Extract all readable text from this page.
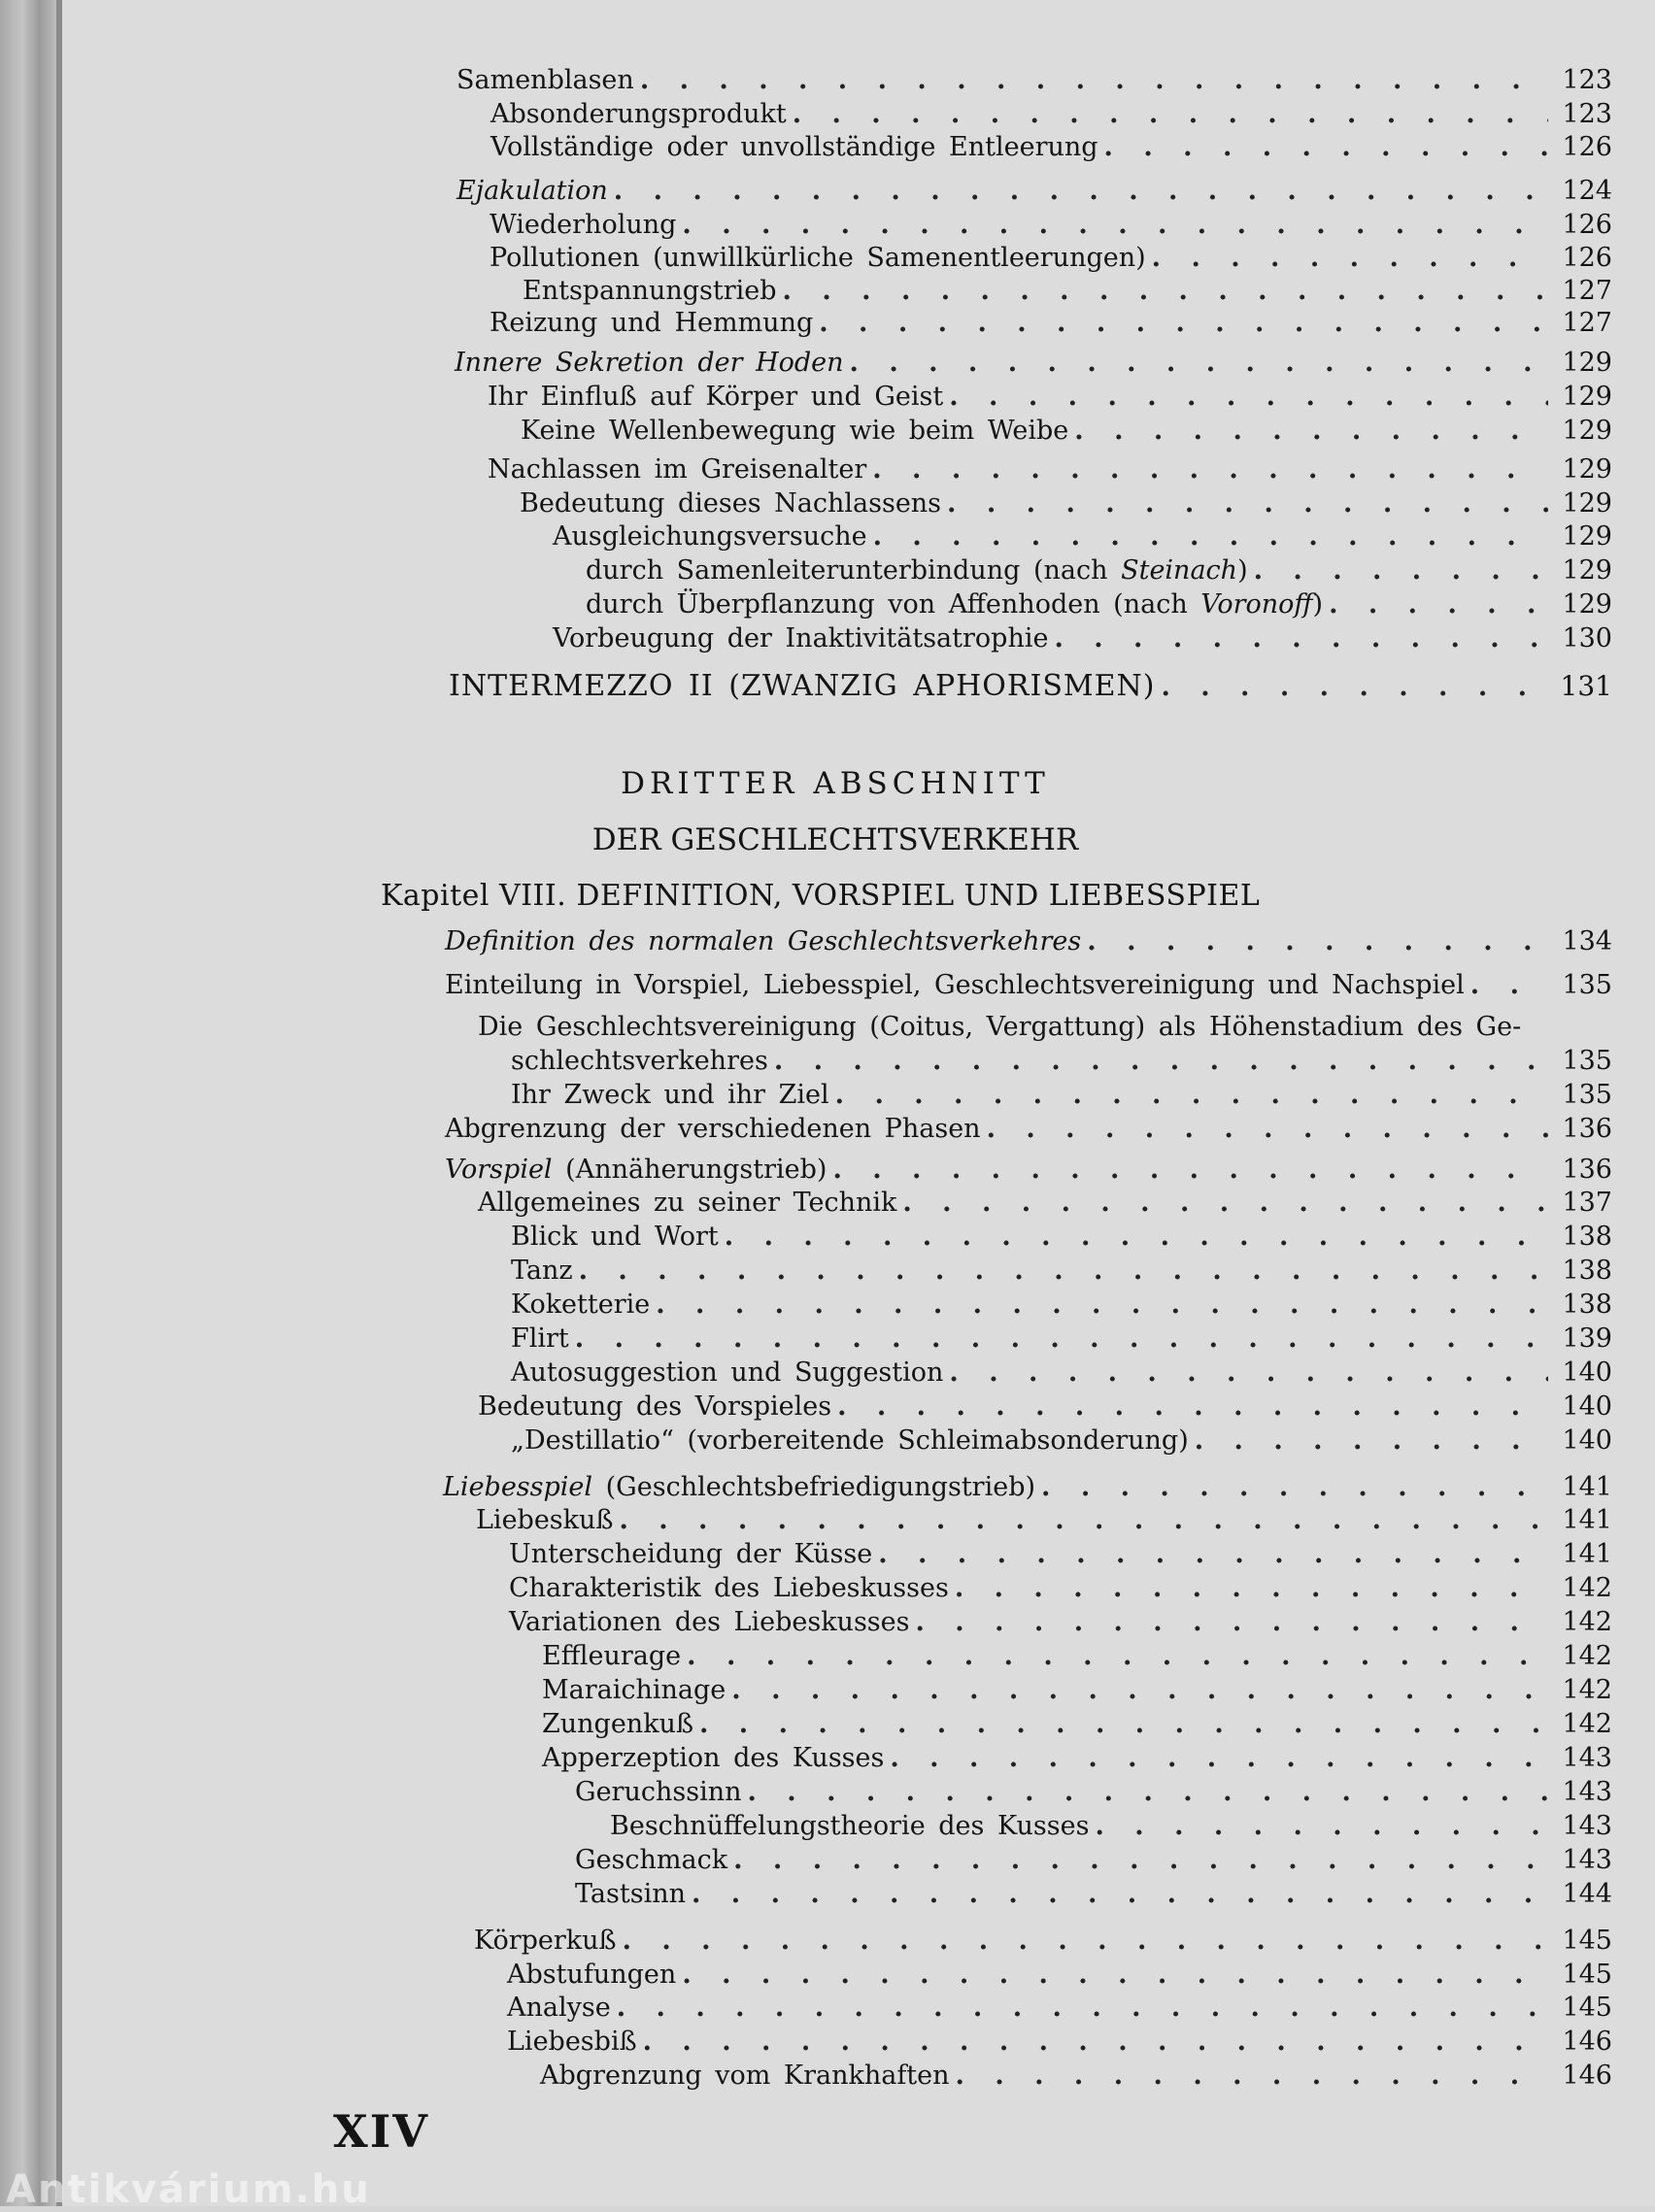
Samenblasen . . .	123
Absonderungsprodukt . . .	123
Vollständige oder unvollständige Entleerung . . .	126
Ejakulation . . .	124
Wiederholung . . .	126
Pollutionen (unwillkürliche Samenentleerungen) . . .	126
Entspannungstrieb . . .	127
Reizung und Hemmung . . .	127
Innere Sekretion der Hoden . . .	129
Ihr Einfluß auf Körper und Geist . . .	129
Keine Wellenbewegung wie beim Weibe . . .	129
Nachlassen im Greisenalter . . .	129
Bedeutung dieses Nachlassens . . .	129
Ausgleichungsversuche . . .	129
durch Samenleiterunterbindung (nach Steinach) . . .	129
durch Überpflanzung von Affenhoden (nach Voronoff) . . .	129
Vorbeugung der Inaktivitätsatrophie . . .	130
INTERMEZZO II (ZWANZIG APHORISMEN) . . .	131
DRITTER ABSCHNITT
DER GESCHLECHTSVERKEHR
Kapitel VIII. DEFINITION, VORSPIEL UND LIEBESSPIEL
Definition des normalen Geschlechtsverkehres . . .	134
Einteilung in Vorspiel, Liebesspiel, Geschlechtsvereinigung und Nachspiel . . .	135
Die Geschlechtsvereinigung (Coitus, Vergattung) als Höhenstadium des Ge-
schlechtsverkehres . . .	135
Ihr Zweck und ihr Ziel . . .	135
Abgrenzung der verschiedenen Phasen . . .	136
Vorspiel (Annäherungstrieb) . . .	136
Allgemeines zu seiner Technik . . .	137
Blick und Wort . . .	138
Tanz . . .	138
Koketterie . . .	138
Flirt . . .	139
Autosuggestion und Suggestion . . .	140
Bedeutung des Vorspieles . . .	140
„Destillatio“ (vorbereitende Schleimabsonderung) . . .	140
Liebesspiel (Geschlechtsbefriedigungstrieb) . . .	141
Liebeskuß . . .	141
Unterscheidung der Küsse . . .	141
Charakteristik des Liebeskusses . . .	142
Variationen des Liebeskusses . . .	142
Effleurage . . .	142
Maraichinage . . .	142
Zungenkuß . . .	142
Apperzeption des Kusses . . .	143
Geruchssinn . . .	143
Beschnüffelungstheorie des Kusses . . .	143
Geschmack . . .	143
Tastsinn . . .	144
Körperkuß . . .	145
Abstufungen . . .	145
Analyse . . .	145
Liebesbiß . . .	146
Abgrenzung vom Krankhaften . . .	146
XIV
Antikvárium.hu
